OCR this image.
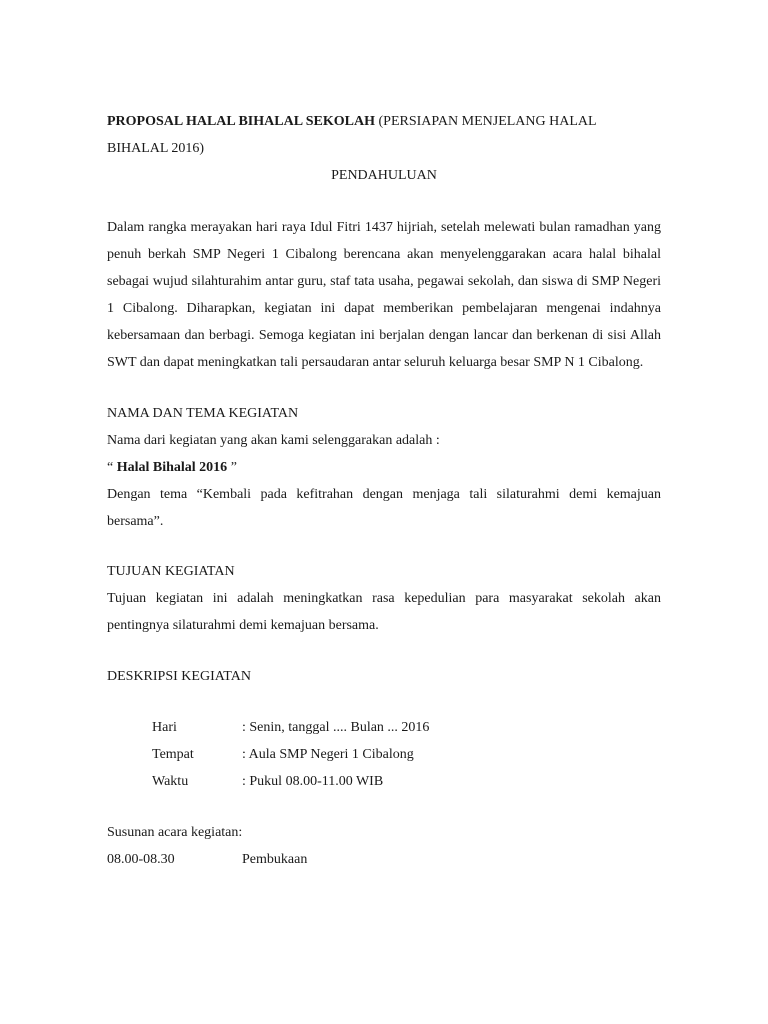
PROPOSAL HALAL BIHALAL SEKOLAH (PERSIAPAN MENJELANG HALAL

BIHALAL 2016)

PENDAHULUAN

Dalam rangka merayakan hari raya Idul Fitri 1437 hijriah, setelah melewati bulan ramadhan yang penuh berkah SMP Negeri 1 Cibalong berencana akan menyelenggarakan acara halal bihalal sebagai wujud silahturahim antar guru, staf tata usaha, pegawai sekolah, dan siswa di SMP Negeri 1 Cibalong. Diharapkan, kegiatan ini dapat memberikan pembelajaran mengenai indahnya kebersamaan dan berbagi. Semoga kegiatan ini berjalan dengan lancar dan berkenan di sisi Allah SWT dan dapat meningkatkan tali persaudaran antar seluruh keluarga besar SMP N 1 Cibalong.

NAMA DAN TEMA KEGIATAN

Nama dari kegiatan yang akan kami selenggarakan adalah :

“ Halal Bihalal 2016 ”

Dengan tema “Kembali pada kefitrahan dengan menjaga tali silaturahmi demi kemajuan bersama”.

TUJUAN KEGIATAN

Tujuan kegiatan ini adalah meningkatkan rasa kepedulian para masyarakat sekolah akan pentingnya silaturahmi demi kemajuan bersama.

DESKRIPSI KEGIATAN

Hari	: Senin, tanggal .... Bulan ... 2016
Tempat	: Aula SMP Negeri 1 Cibalong
Waktu	: Pukul 08.00-11.00 WIB

Susunan acara kegiatan:

08.00-08.30	Pembukaan
